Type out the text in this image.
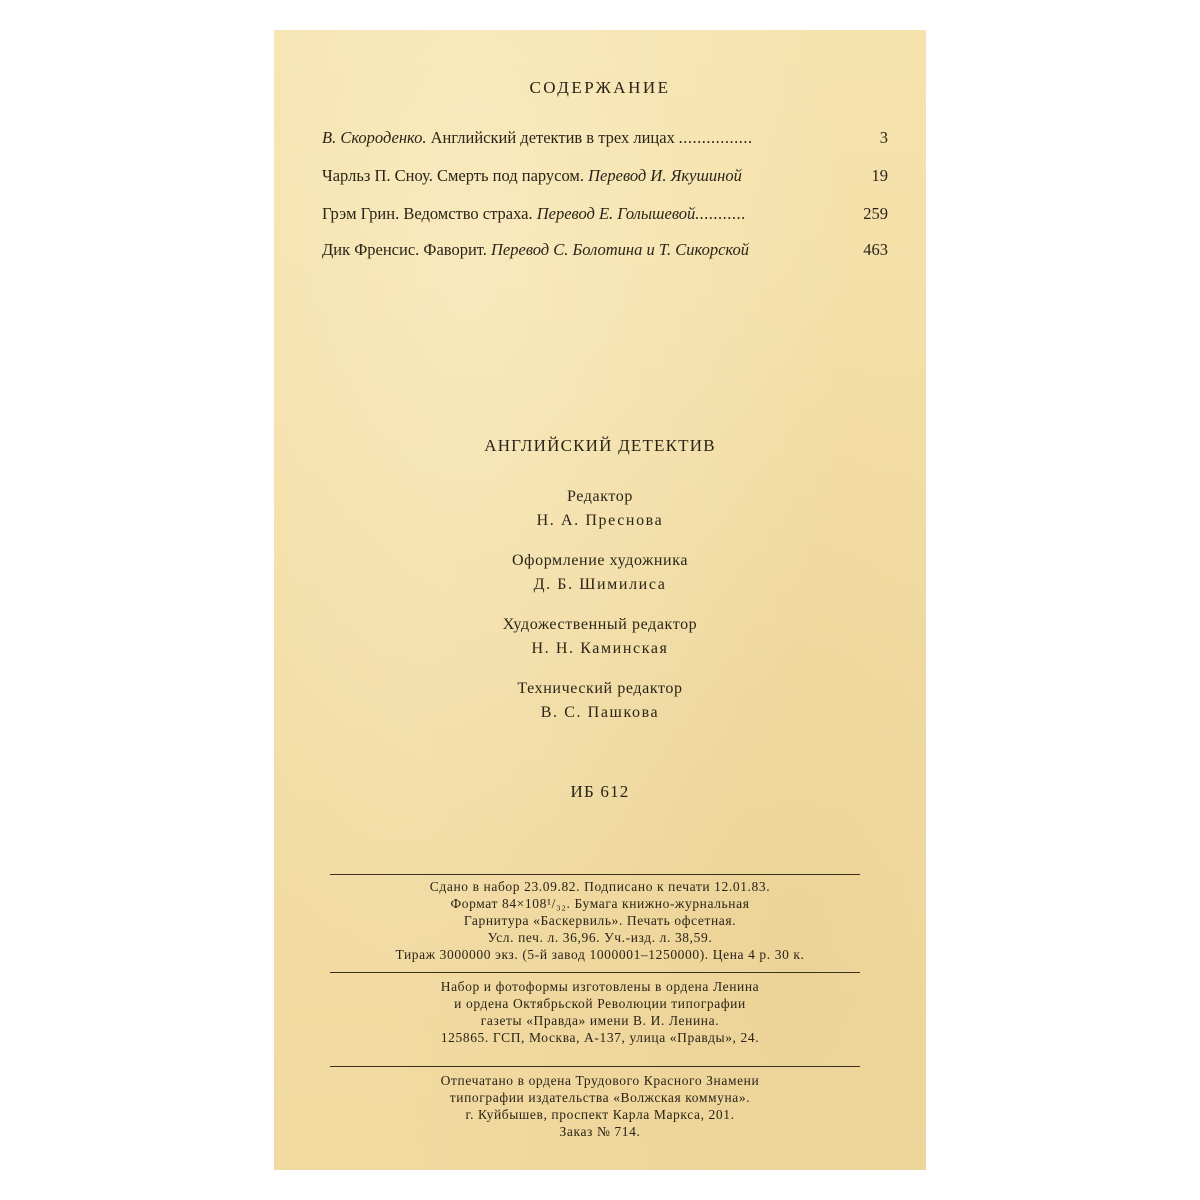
СОДЕРЖАНИЕ
В. Скороденко.
Английский детектив в трех лицах
................	3
Чарльз П. Сноу.
Смерть под парусом.
Перевод И. Якушиной	19
Грэм Грин.
Ведомство страха.
Перевод Е. Голышевой ...........	259
Дик Френсис.
Фаворит.
Перевод С. Болотина и Т. Сикорской	463
АНГЛИЙСКИЙ ДЕТЕКТИВ
Редактор
Н. А. Преснова
Оформление художника
Д. Б. Шимилиса
Художественный редактор
Н. Н. Каминская
Технический редактор
В. С. Пашкова
ИБ 612
Сдано в набор 23.09.82. Подписано к печати 12.01.83.
Формат 84×108¹/₃₂. Бумага книжно-журнальная
Гарнитура «Баскервиль». Печать офсетная.
Усл. печ. л. 36,96. Уч.-изд. л. 38,59.
Тираж 3000000 экз. (5-й завод 1000001–1250000). Цена 4 р. 30 к.
Набор и фотоформы изготовлены в ордена Ленина
и ордена Октябрьской Революции типографии
газеты «Правда» имени В. И. Ленина.
125865. ГСП, Москва, А-137, улица «Правды», 24.
Отпечатано в ордена Трудового Красного Знамени
типографии издательства «Волжская коммуна».
г. Куйбышев, проспект Карла Маркса, 201.
Заказ № 714.
